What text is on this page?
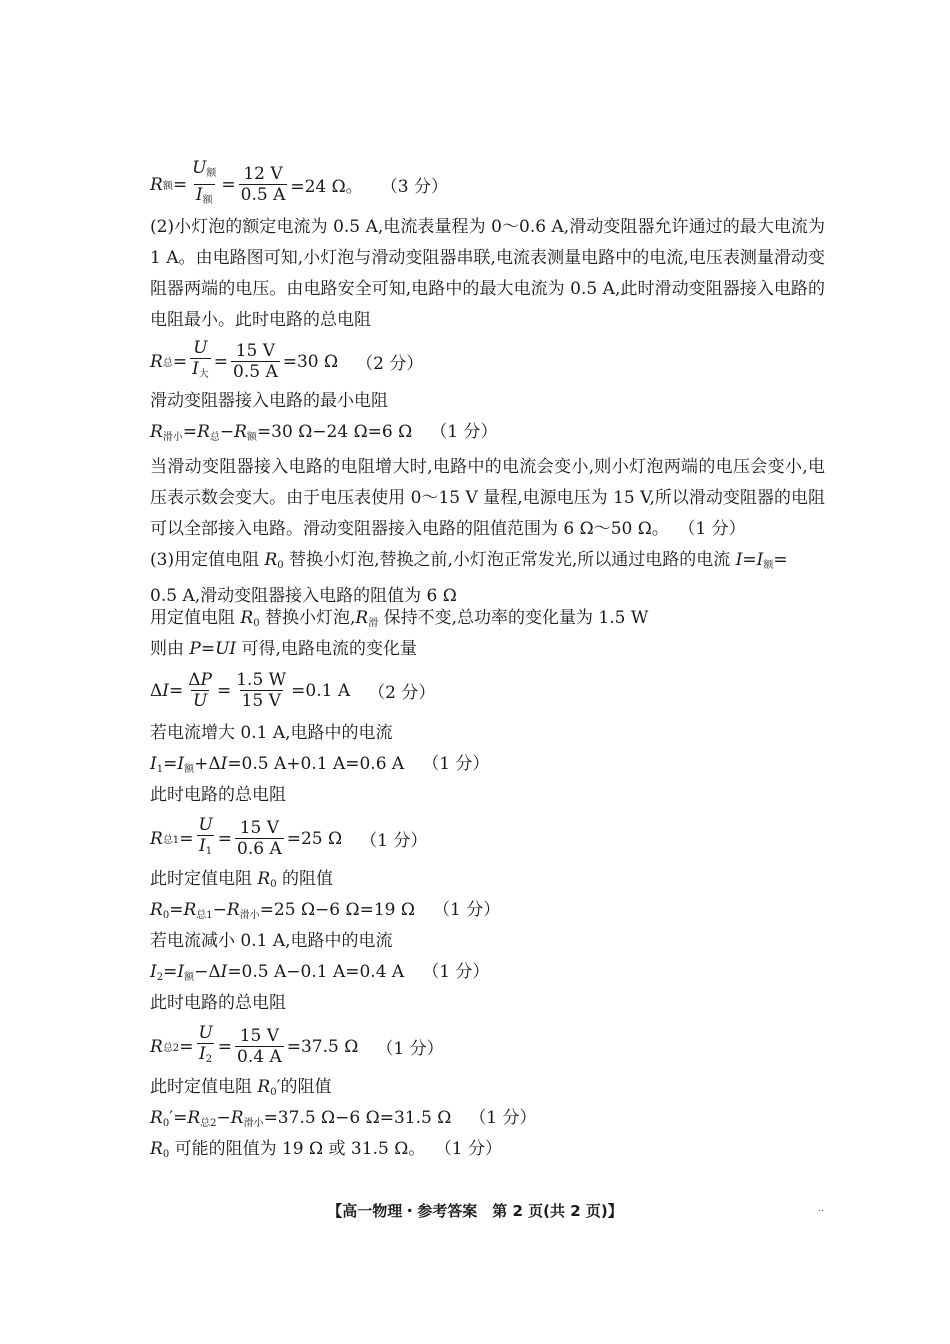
R 额 = $\frac{U_额}{I_额} = \frac{12 V}{0.5 A} =24$ Ω。 （3 分）
(2)小灯泡的额定电流为 0.5 A,电流表量程为 0～0.6 A,滑动变阻器允许通过的最大电流为 1 A。由电路图可知,小灯泡与滑动变阻器串联,电流表测量电路中的电流,电压表测量滑动变阻器两端的电压。由电路安全可知,电路中的最大电流为 0.5 A,此时滑动变阻器接入电路的电阻最小。此时电路的总电阻
R 总 = $\frac{U}{I_大} = \frac{15 V}{0.5 A} =30$ Ω （2 分）
滑动变阻器接入电路的最小电阻
$R_{滑小}=R_总-R_额=30$ Ω−24 Ω=6 Ω （1 分）
当滑动变阻器接入电路的电阻增大时,电路中的电流会变小,则小灯泡两端的电压会变小,电压表示数会变大。由于电压表使用 0～15 V 量程,电源电压为 15 V,所以滑动变阻器的电阻可以全部接入电路。滑动变阻器接入电路的阻值范围为 6 Ω～50 Ω。 （1 分）
(3)用定值电阻 $R_0$ 替换小灯泡,替换之前,小灯泡正常发光,所以通过电路的电流 $I=I_额=$
0.5 A,滑动变阻器接入电路的阻值为 6 Ω
用定值电阻 $R_0$ 替换小灯泡$,R_滑$ 保持不变,总功率的变化量为 1.5 W
则由 P=UI 可得,电路电流的变化量
Δ $I = \frac{\Delta P}{U} = \frac{1.5 W}{15 V} =0.1$ A （2 分）
若电流增大 0.1 A,电路中的电流
$I_1=I_额+\Delta I=0.5$ A+0.1 A=0.6 A （1 分）
此时电路的总电阻
R 总$1 = \frac{U}{I_1} = \frac{15 V}{0.6 A} =25$ Ω （1 分）
此时定值电阻 $R_0$ 的阻值
$R_0=R_{总1}-R_{滑小}=25$ Ω−6 Ω=19 Ω （1 分）
若电流减小 0.1 A,电路中的电流
$I_2=I_额-\Delta I=0.5$ A−0.1 A=0.4 A （1 分）
此时电路的总电阻
R 总$2 = \frac{U}{I_2} = \frac{15 V}{0.4 A} =37.5$ Ω （1 分）
此时定值电阻 $R_0'$的阻值
$R_0'=R_{总2}-R_{滑小}=37.5$ Ω−6 Ω=31.5 Ω （1 分）
$R_0$ 可能的阻值为 19 Ω 或 31.5 Ω。 （1 分）
【高一物理・参考答案　第 2 页(共 2 页)】	··
